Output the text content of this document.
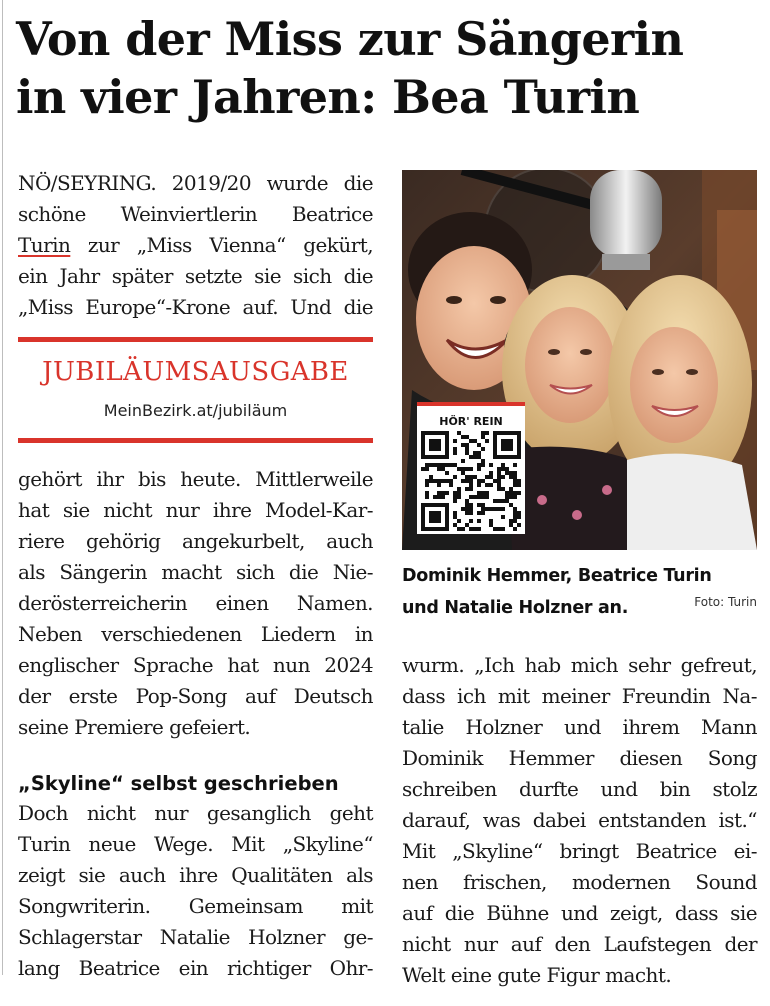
Von der Miss zur Sängerin
in vier Jahren: Bea Turin
NÖ/SEYRING. 2019/20 wurde die
schöne Weinviertlerin Beatrice
Turin zur „Miss Vienna“ gekürt,
ein Jahr später setzte sie sich die
„Miss Europe“-Krone auf. Und die
JUBILÄUMSAUSGABE
MeinBezirk.at/jubiläum
gehört ihr bis heute. Mittlerweile
hat sie nicht nur ihre Model-Kar-
riere gehörig angekurbelt, auch
als Sängerin macht sich die Nie-
derösterreicherin einen Namen.
Neben verschiedenen Liedern in
englischer Sprache hat nun 2024
der erste Pop-Song auf Deutsch
seine Premiere gefeiert.
„Skyline“ selbst geschrieben
Doch nicht nur gesanglich geht
Turin neue Wege. Mit „Skyline“
zeigt sie auch ihre Qualitäten als
Songwriterin. Gemeinsam mit
Schlagerstar Natalie Holzner ge-
lang Beatrice ein richtiger Ohr-
HÖR' REIN
Dominik Hemmer, Beatrice Turin
und Natalie Holzner an.	Foto: Turin
wurm. „Ich hab mich sehr gefreut,
dass ich mit meiner Freundin Na-
talie Holzner und ihrem Mann
Dominik Hemmer diesen Song
schreiben durfte und bin stolz
darauf, was dabei entstanden ist.“
Mit „Skyline“ bringt Beatrice ei-
nen frischen, modernen Sound
auf die Bühne und zeigt, dass sie
nicht nur auf den Laufstegen der
Welt eine gute Figur macht.
